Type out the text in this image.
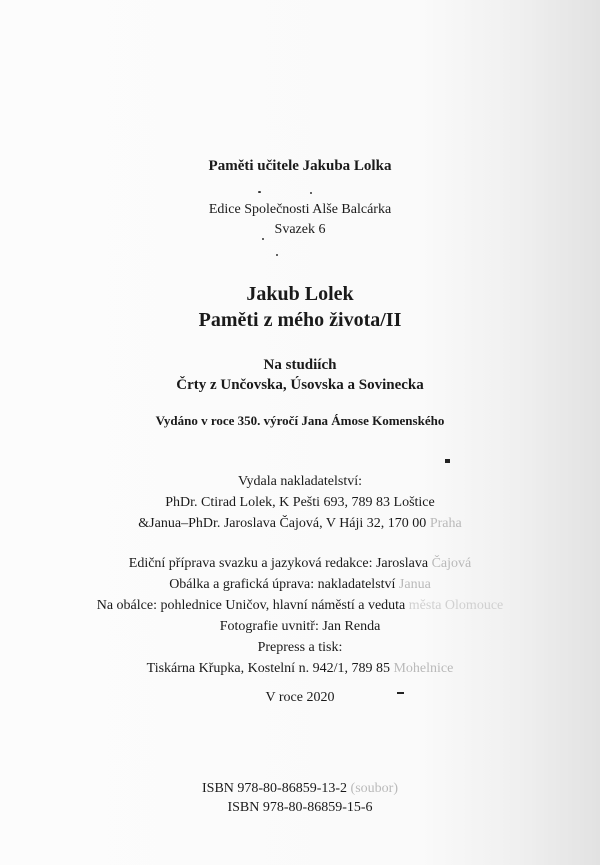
Paměti učitele Jakuba Lolka
Edice Společnosti Alše Balcárka
Svazek 6
Jakub Lolek
Paměti z mého života/II
Na studiích
Črty z Unčovska, Úsovska a Sovinecka
Vydáno v roce 350. výročí Jana Ámose Komenského
Vydala nakladatelství:
PhDr. Ctirad Lolek, K Pešti 693, 789 83 Loštice
&Janua–PhDr. Jaroslava Čajová, V Háji 32, 170 00 Praha
Ediční příprava svazku a jazyková redakce: Jaroslava Čajová
Obálka a grafická úprava: nakladatelství Janua
Na obálce: pohlednice Uničov, hlavní náměstí a veduta města Olomouce
Fotografie uvnitř: Jan Renda
Prepress a tisk:
Tiskárna Křupka, Kostelní n. 942/1, 789 85 Mohelnice
V roce 2020
ISBN 978-80-86859-13-2 (soubor)
ISBN 978-80-86859-15-6
